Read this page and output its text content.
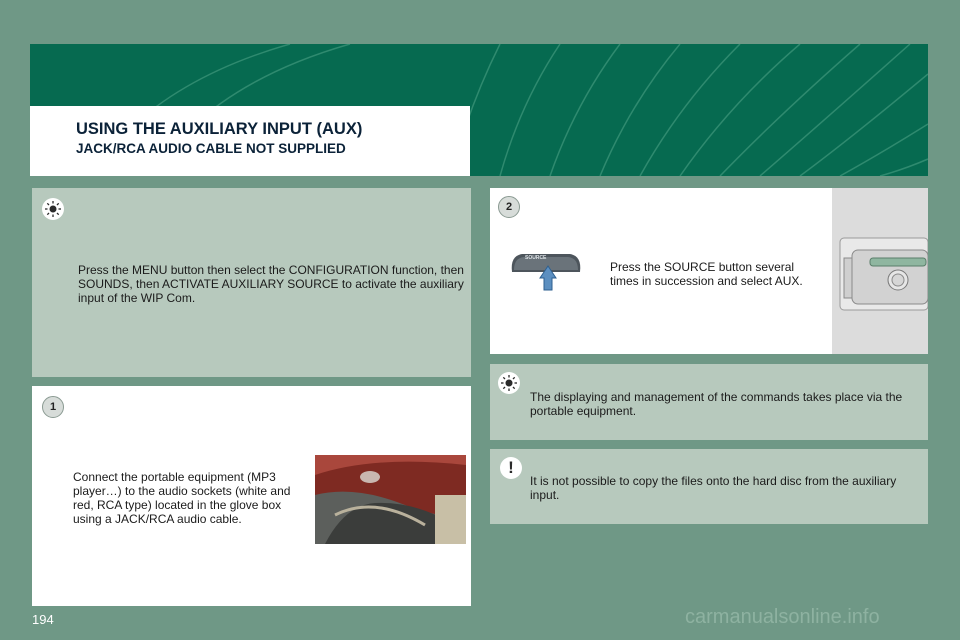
USING THE AUXILIARY INPUT (AUX)
JACK/RCA AUDIO CABLE NOT SUPPLIED
Press the MENU button then select the CONFIGURATION function, then SOUNDS, then ACTIVATE AUXILIARY SOURCE to activate the auxiliary input of the WIP Com.
1
Connect the portable equipment (MP3 player…) to the audio sockets (white and red, RCA type) located in the glove box using a JACK/RCA audio cable.
2
SOURCE
Press the SOURCE button several times in succession and select AUX.
The displaying and management of the commands takes place via the portable equipment.
!
It is not possible to copy the files onto the hard disc from the auxiliary input.
194	carmanualsonline.info
